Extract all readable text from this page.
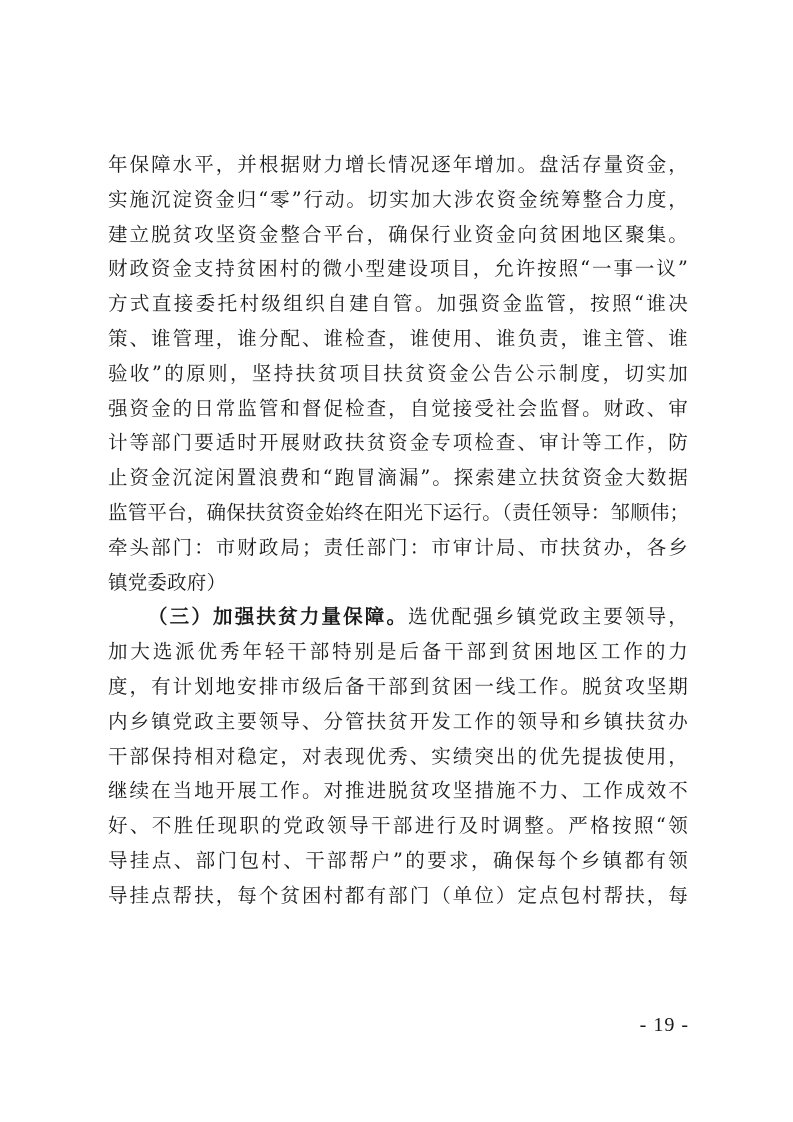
年保障水平，并根据财力增长情况逐年增加。盘活存量资金，
实施沉淀资金归“零”行动。切实加大涉农资金统筹整合力度，
建立脱贫攻坚资金整合平台，确保行业资金向贫困地区聚集。
财政资金支持贫困村的微小型建设项目，允许按照“一事一议”
方式直接委托村级组织自建自管。加强资金监管，按照“谁决
策、谁管理，谁分配、谁检查，谁使用、谁负责，谁主管、谁
验收”的原则，坚持扶贫项目扶贫资金公告公示制度，切实加
强资金的日常监管和督促检查，自觉接受社会监督。财政、审
计等部门要适时开展财政扶贫资金专项检查、审计等工作，防
止资金沉淀闲置浪费和“跑冒滴漏”。探索建立扶贫资金大数据
监管平台，确保扶贫资金始终在阳光下运行。（责任领导：邹顺伟；
牵头部门：市财政局；责任部门：市审计局、市扶贫办，各乡
镇党委政府）
（三）加强扶贫力量保障。选优配强乡镇党政主要领导，
加大选派优秀年轻干部特别是后备干部到贫困地区工作的力
度，有计划地安排市级后备干部到贫困一线工作。脱贫攻坚期
内乡镇党政主要领导、分管扶贫开发工作的领导和乡镇扶贫办
干部保持相对稳定，对表现优秀、实绩突出的优先提拔使用，
继续在当地开展工作。对推进脱贫攻坚措施不力、工作成效不
好、不胜任现职的党政领导干部进行及时调整。严格按照“领
导挂点、部门包村、干部帮户”的要求，确保每个乡镇都有领
导挂点帮扶，每个贫困村都有部门（单位）定点包村帮扶，每
- 19 -
